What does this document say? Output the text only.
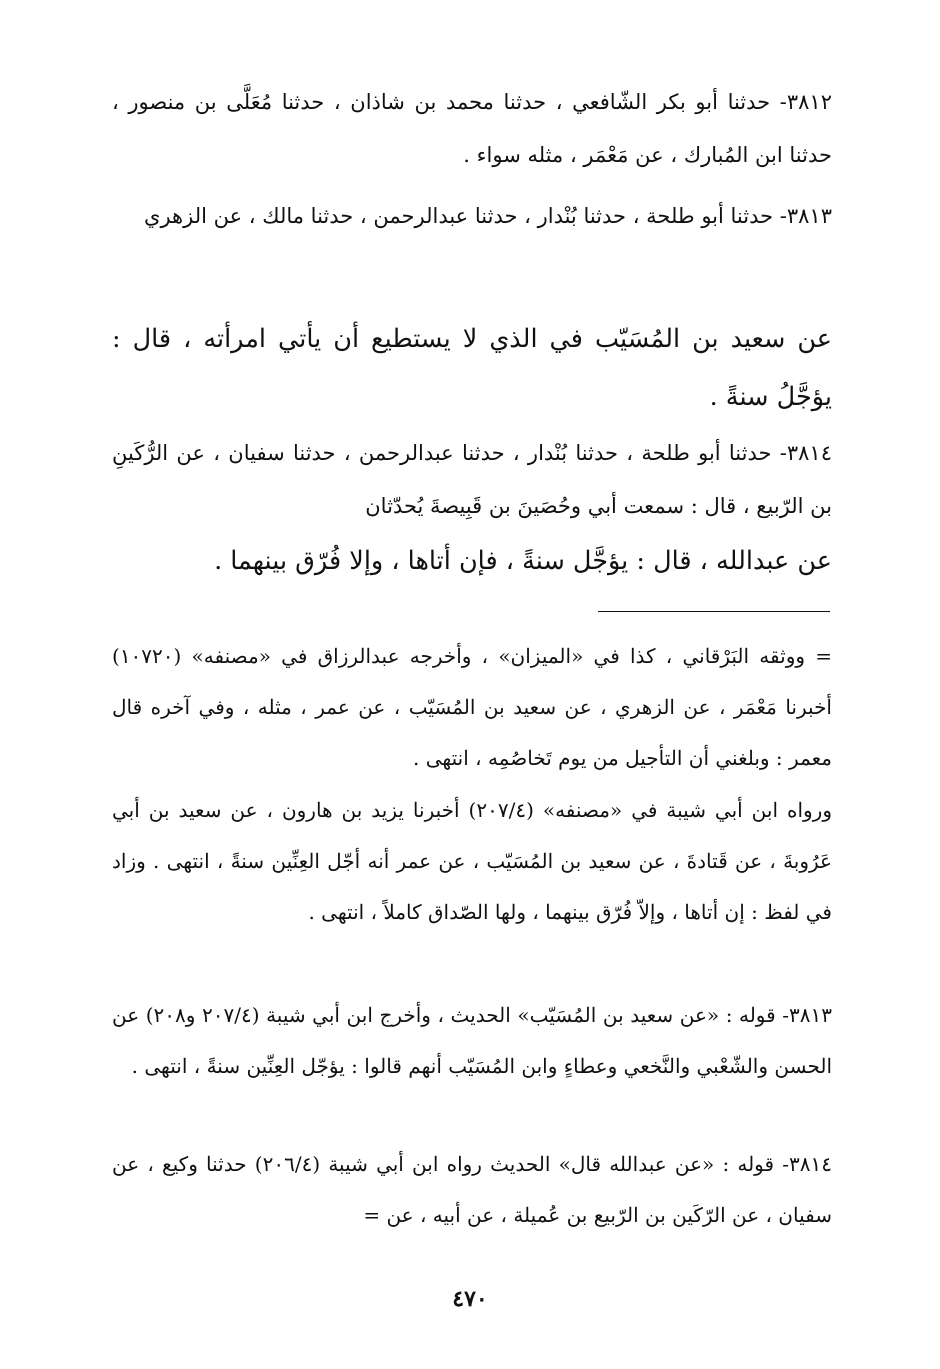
٣٨١٢- حدثنا أبو بكر الشّافعي ، حدثنا محمد بن شاذان ، حدثنا مُعَلَّى بن منصور ، حدثنا ابن المُبارك ، عن مَعْمَر ، مثله سواء .

٣٨١٣- حدثنا أبو طلحة ، حدثنا بُنْدار ، حدثنا عبدالرحمن ، حدثنا مالك ، عن الزهري

عن سعيد بن المُسَيّب في الذي لا يستطيع أن يأتي امرأته ، قال : يؤجَّلُ سنةً .

٣٨١٤- حدثنا أبو طلحة ، حدثنا بُنْدار ، حدثنا عبدالرحمن ، حدثنا سفيان ، عن الرُّكَينِ بن الرّبيع ، قال : سمعت أبي وحُصَينَ بن قَبِيصةَ يُحدّثان

عن عبدالله ، قال : يؤجَّل سنةً ، فإن أتاها ، وإلا فُرّق بينهما .

= ووثقه البَرْقاني ، كذا في «الميزان» ، وأخرجه عبدالرزاق في «مصنفه» (١٠٧٢٠) أخبرنا مَعْمَر ، عن الزهري ، عن سعيد بن المُسَيّب ، عن عمر ، مثله ، وفي آخره قال معمر : وبلغني أن التأجيل من يوم تَخاصُمِه ، انتهى .

ورواه ابن أبي شيبة في «مصنفه» (٢٠٧/٤) أخبرنا يزيد بن هارون ، عن سعيد بن أبي عَرُوبةَ ، عن قَتادةَ ، عن سعيد بن المُسَيّب ، عن عمر أنه أجّل العِنِّين سنةً ، انتهى . وزاد في لفظ : إن أتاها ، وإلاّ فُرّق بينهما ، ولها الصّداق كاملاً ، انتهى .

٣٨١٣- قوله : «عن سعيد بن المُسَيّب» الحديث ، وأخرج ابن أبي شيبة (٢٠٧/٤ و٢٠٨) عن الحسن والشّعْبي والنَّخعي وعطاءٍ وابن المُسَيّب أنهم قالوا : يؤجّل العِنِّين سنةً ، انتهى .

٣٨١٤- قوله : «عن عبدالله قال» الحديث رواه ابن أبي شيبة (٢٠٦/٤) حدثنا وكيع ، عن سفيان ، عن الرّكَين بن الرّبيع بن عُميلة ، عن أبيه ، عن =

٤٧٠
